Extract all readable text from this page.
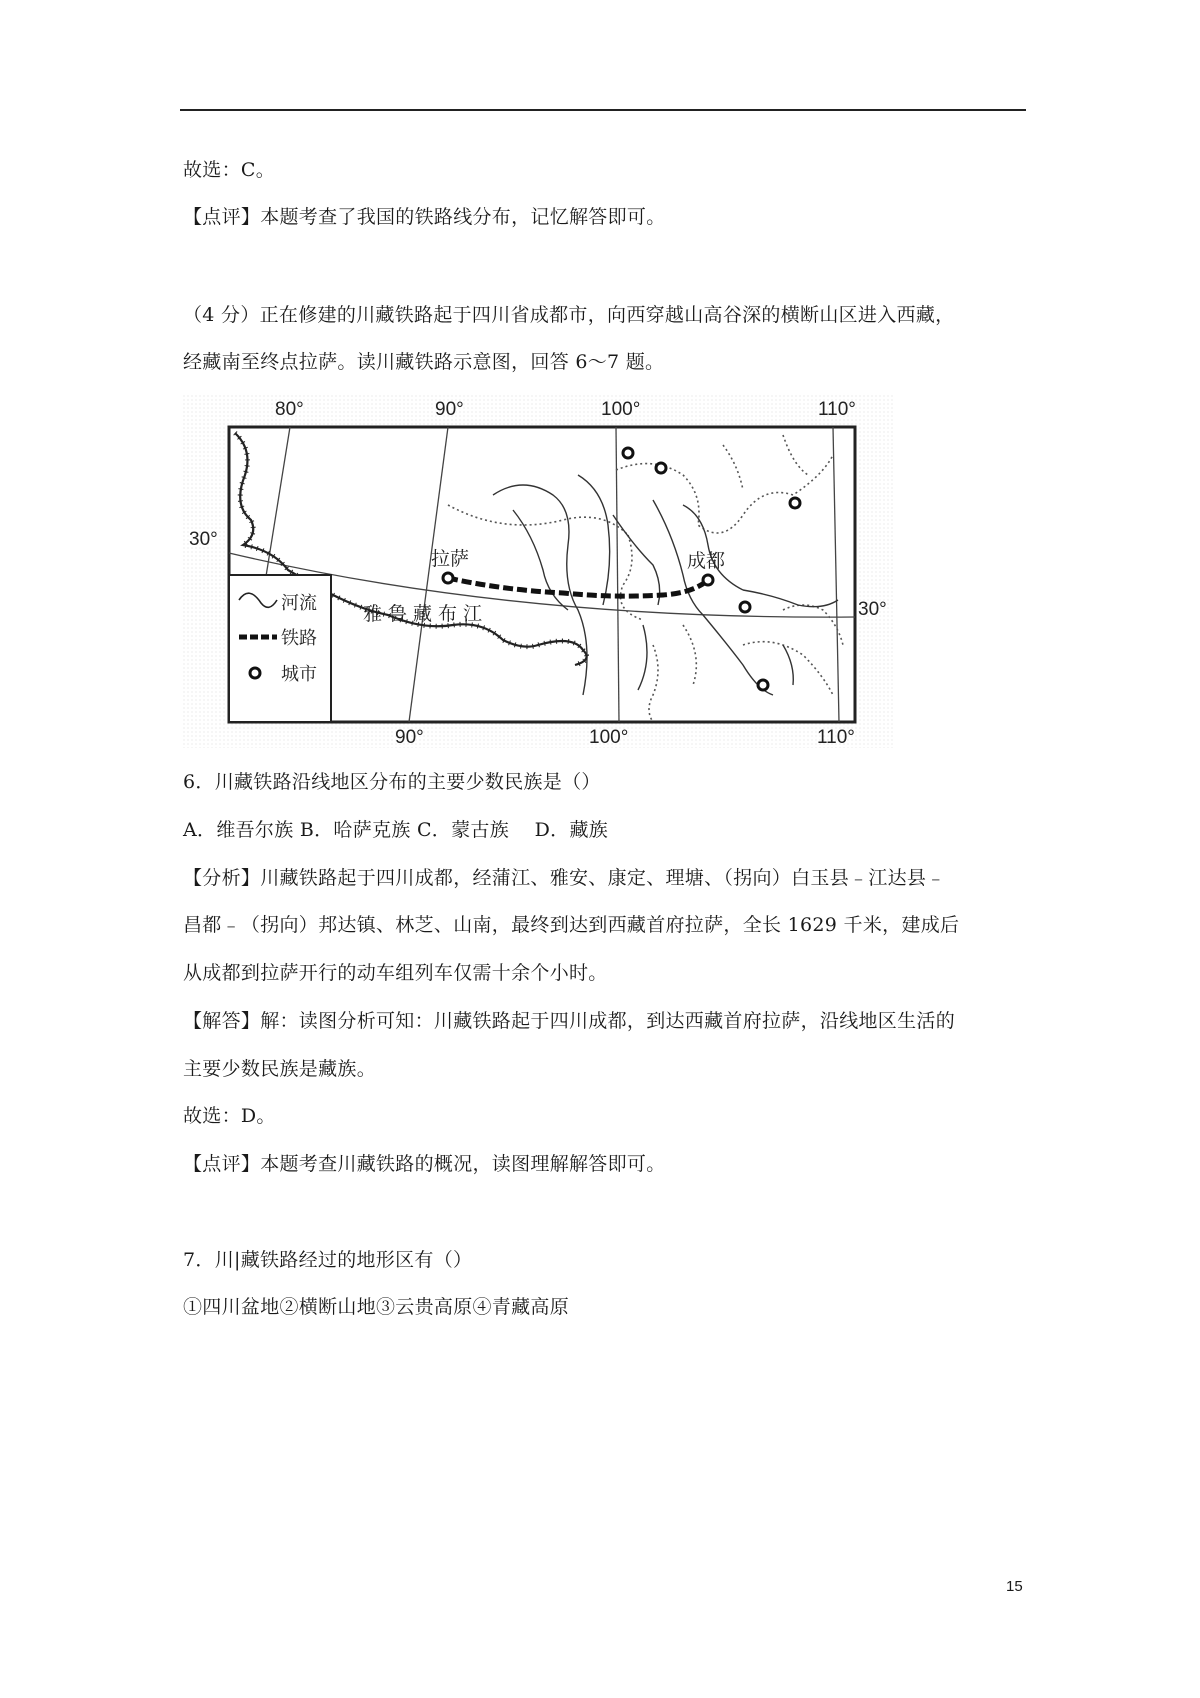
故选：C。
【点评】本题考查了我国的铁路线分布，记忆解答即可。
（4 分）正在修建的川藏铁路起于四川省成都市，向西穿越山高谷深的横断山区进入西藏，
经藏南至终点拉萨。读川藏铁路示意图，回答 6～7 题。
80°	90°	100°	110°
90°	100°	110°
30°
30°
拉萨	成都
雅鲁藏布江
河流
铁路
城市
6．川藏铁路沿线地区分布的主要少数民族是（）
A．维吾尔族 B．哈萨克族 C．蒙古族　 D．藏族
【分析】川藏铁路起于四川成都，经蒲江、雅安、康定、理塘、（拐向）白玉县﹣江达县﹣
昌都﹣（拐向）邦达镇、林芝、山南，最终到达到西藏首府拉萨，全长 1629 千米，建成后
从成都到拉萨开行的动车组列车仅需十余个小时。
【解答】解：读图分析可知：川藏铁路起于四川成都，到达西藏首府拉萨，沿线地区生活的
主要少数民族是藏族。
故选：D。
【点评】本题考查川藏铁路的概况，读图理解解答即可。
7．川|藏铁路经过的地形区有（）
①四川盆地②横断山地③云贵高原④青藏高原
15
